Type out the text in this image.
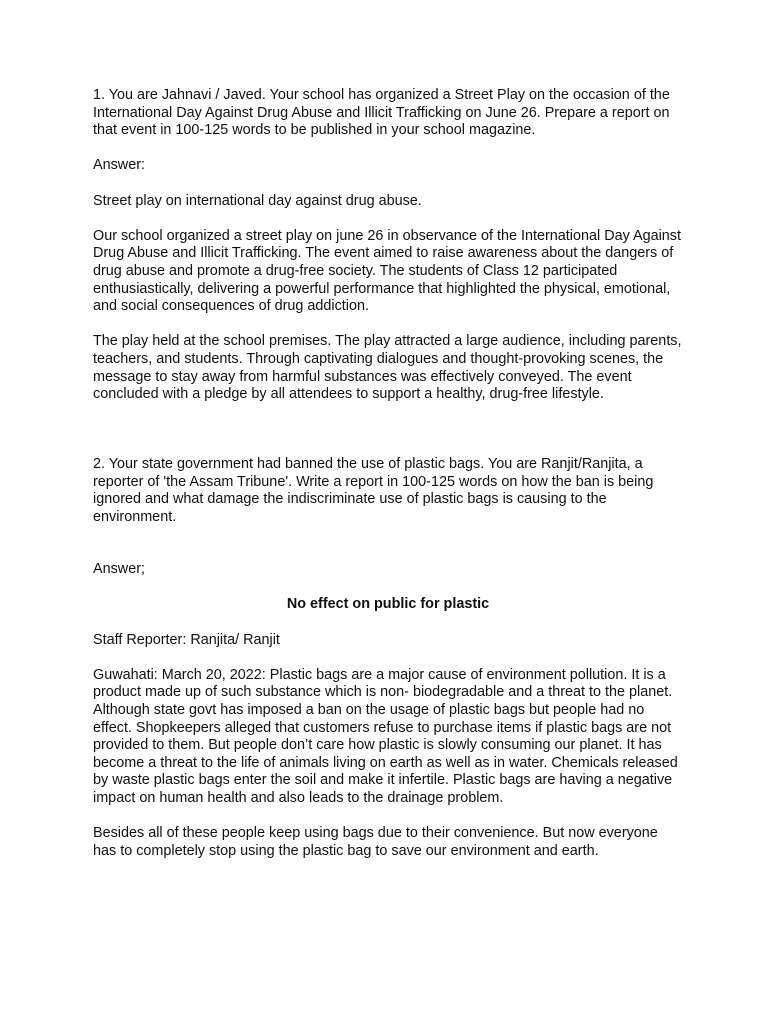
1. You are Jahnavi / Javed. Your school has organized a Street Play on the occasion of the International Day Against Drug Abuse and Illicit Trafficking on June 26. Prepare a report on that event in 100-125 words to be published in your school magazine.

Answer:

Street play on international day against drug abuse.

Our school organized a street play on june 26 in observance of the International Day Against Drug Abuse and Illicit Trafficking. The event aimed to raise awareness about the dangers of drug abuse and promote a drug-free society. The students of Class 12 participated enthusiastically, delivering a powerful performance that highlighted the physical, emotional, and social consequences of drug addiction.

The play held at the school premises. The play attracted a large audience, including parents, teachers, and students. Through captivating dialogues and thought-provoking scenes, the message to stay away from harmful substances was effectively conveyed. The event concluded with a pledge by all attendees to support a healthy, drug-free lifestyle.

2. Your state government had banned the use of plastic bags. You are Ranjit/Ranjita, a reporter of 'the Assam Tribune'. Write a report in 100-125 words on how the ban is being ignored and what damage the indiscriminate use of plastic bags is causing to the environment.

Answer;

No effect on public for plastic

Staff Reporter: Ranjita/ Ranjit

Guwahati: March 20, 2022: Plastic bags are a major cause of environment pollution. It is a product made up of such substance which is non- biodegradable and a threat to the planet. Although state govt has imposed a ban on the usage of plastic bags but people had no effect. Shopkeepers alleged that customers refuse to purchase items if plastic bags are not provided to them. But people don’t care how plastic is slowly consuming our planet. It has become a threat to the life of animals living on earth as well as in water. Chemicals released by waste plastic bags enter the soil and make it infertile. Plastic bags are having a negative impact on human health and also leads to the drainage problem.

Besides all of these people keep using bags due to their convenience. But now everyone has to completely stop using the plastic bag to save our environment and earth.
